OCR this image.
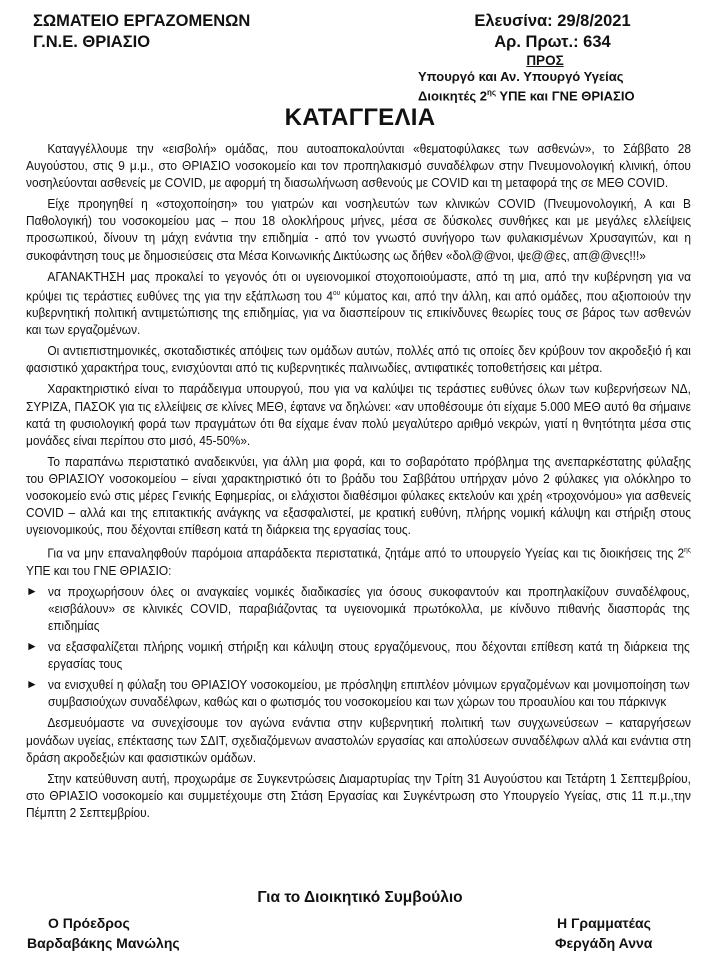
ΣΩΜΑΤΕΙΟ ΕΡΓΑΖΟΜΕΝΩΝ
Γ.Ν.Ε. ΘΡΙΑΣΙΟ
Ελευσίνα: 29/8/2021
Αρ. Πρωτ.: 634
ΠΡΟΣ
Υπουργό και Αν. Υπουργό Υγείας
Διοικητές $2^{\eta\varsigma}$ ΥΠΕ και ΓΝΕ ΘΡΙΑΣΙΟ
ΚΑΤΑΓΓΕΛΙΑ

Καταγγέλλουμε την «εισβολή» ομάδας, που αυτοαποκαλούνται «θεματοφύλακες των ασθενών», το Σάββατο 28 Αυγούστου, στις 9 μ.μ., στο ΘΡΙΑΣΙΟ νοσοκομείο και τον προπηλακισμό συναδέλφων στην Πνευμονολογική κλινική, όπου νοσηλεύονται ασθενείς με COVID, με αφορμή τη διασωλήνωση ασθενούς με COVID και τη μεταφορά της σε ΜΕΘ COVID.

Είχε προηγηθεί η «στοχοποίηση» του γιατρών και νοσηλευτών των κλινικών COVID (Πνευμονολογική, Α και Β Παθολογική) του νοσοκομείου μας – που 18 ολοκλήρους μήνες, μέσα σε δύσκολες συνθήκες και με μεγάλες ελλείψεις προσωπικού, δίνουν τη μάχη ενάντια την επιδημία - από τον γνωστό συνήγορο των φυλακισμένων Χρυσαγιτών, και η συκοφάντηση τους με δημοσιεύσεις στα Μέσα Κοινωνικής Δικτύωσης ως δήθεν «δολ@@νοι, ψε@@ες, απ@@νες!!!»

ΑΓΑΝΑΚΤΗΣΗ μας προκαλεί το γεγονός ότι οι υγειονομικοί στοχοποιούμαστε, από τη μια, από την κυβέρνηση για να κρύψει τις τεράστιες ευθύνες της για την εξάπλωση του $4^{o\upsilon}$ κύματος και, από την άλλη, και από ομάδες, που αξιοποιούν την κυβερνητική πολιτική αντιμετώπισης της επιδημίας, για να διασπείρουν τις επικίνδυνες θεωρίες τους σε βάρος των ασθενών και των εργαζομένων.

Οι αντιεπιστημονικές, σκοταδιστικές απόψεις των ομάδων αυτών, πολλές από τις οποίες δεν κρύβουν τον ακροδεξιό ή και φασιστικό χαρακτήρα τους, ενισχύονται από τις κυβερνητικές παλινωδίες, αντιφατικές τοποθετήσεις και μέτρα.

Χαρακτηριστικό είναι το παράδειγμα υπουργού, που για να καλύψει τις τεράστιες ευθύνες όλων των κυβερνήσεων ΝΔ, ΣΥΡΙΖΑ, ΠΑΣΟΚ για τις ελλείψεις σε κλίνες ΜΕΘ, έφτανε να δηλώνει: «αν υποθέσουμε ότι είχαμε 5.000 ΜΕΘ αυτό θα σήμαινε κατά τη φυσιολογική φορά των πραγμάτων ότι θα είχαμε έναν πολύ μεγαλύτερο αριθμό νεκρών, γιατί η θνητότητα μέσα στις μονάδες είναι περίπου στο μισό, 45-50%».

Το παραπάνω περιστατικό αναδεικνύει, για άλλη μια φορά, και το σοβαρότατο πρόβλημα της ανεπαρκέστατης φύλαξης του ΘΡΙΑΣΙΟΥ νοσοκομείου – είναι χαρακτηριστικό ότι το βράδυ του Σαββάτου υπήρχαν μόνο 2 φύλακες για ολόκληρο το νοσοκομείο ενώ στις μέρες Γενικής Εφημερίας, οι ελάχιστοι διαθέσιμοι φύλακες εκτελούν και χρέη «τροχονόμου» για ασθενείς COVID – αλλά και της επιτακτικής ανάγκης να εξασφαλιστεί, με κρατική ευθύνη, πλήρης νομική κάλυψη και στήριξη στους υγειονομικούς, που δέχονται επίθεση κατά τη διάρκεια της εργασίας τους.

Για να μην επαναληφθούν παρόμοια απαράδεκτα περιστατικά, ζητάμε από το υπουργείο Υγείας και τις διοικήσεις της $2^{\eta\varsigma}$ ΥΠΕ και του ΓΝΕ ΘΡΙΑΣΙΟ:

► να προχωρήσουν όλες οι αναγκαίες νομικές διαδικασίες για όσους συκοφαντούν και προπηλακίζουν συναδέλφους, «εισβάλουν» σε κλινικές COVID, παραβιάζοντας τα υγειονομικά πρωτόκολλα, με κίνδυνο πιθανής διασποράς της επιδημίας
► να εξασφαλίζεται πλήρης νομική στήριξη και κάλυψη στους εργαζόμενους, που δέχονται επίθεση κατά τη διάρκεια της εργασίας τους
► να ενισχυθεί η φύλαξη του ΘΡΙΑΣΙΟΥ νοσοκομείου, με πρόσληψη επιπλέον μόνιμων εργαζομένων και μονιμοποίηση των συμβασιούχων συναδέλφων, καθώς και ο φωτισμός του νοσοκομείου και των χώρων του προαυλίου και του πάρκινγκ

Δεσμευόμαστε να συνεχίσουμε τον αγώνα ενάντια στην κυβερνητική πολιτική των συγχωνεύσεων – καταργήσεων μονάδων υγείας, επέκτασης των ΣΔΙΤ, σχεδιαζόμενων αναστολών εργασίας και απολύσεων συναδέλφων αλλά και ενάντια στη δράση ακροδεξιών και φασιστικών ομάδων.

Στην κατεύθυνση αυτή, προχωράμε σε Συγκεντρώσεις Διαμαρτυρίας την Τρίτη 31 Αυγούστου και Τετάρτη 1 Σεπτεμβρίου, στο ΘΡΙΑΣΙΟ νοσοκομείο και συμμετέχουμε στη Στάση Εργασίας και Συγκέντρωση στο Υπουργείο Υγείας, στις 11 π.μ.,την Πέμπτη 2 Σεπτεμβρίου.

Για το Διοικητικό Συμβούλιο
Ο Πρόεδρος
Βαρδαβάκης Μανώλης
Η Γραμματέας
Φεργάδη Αννα
